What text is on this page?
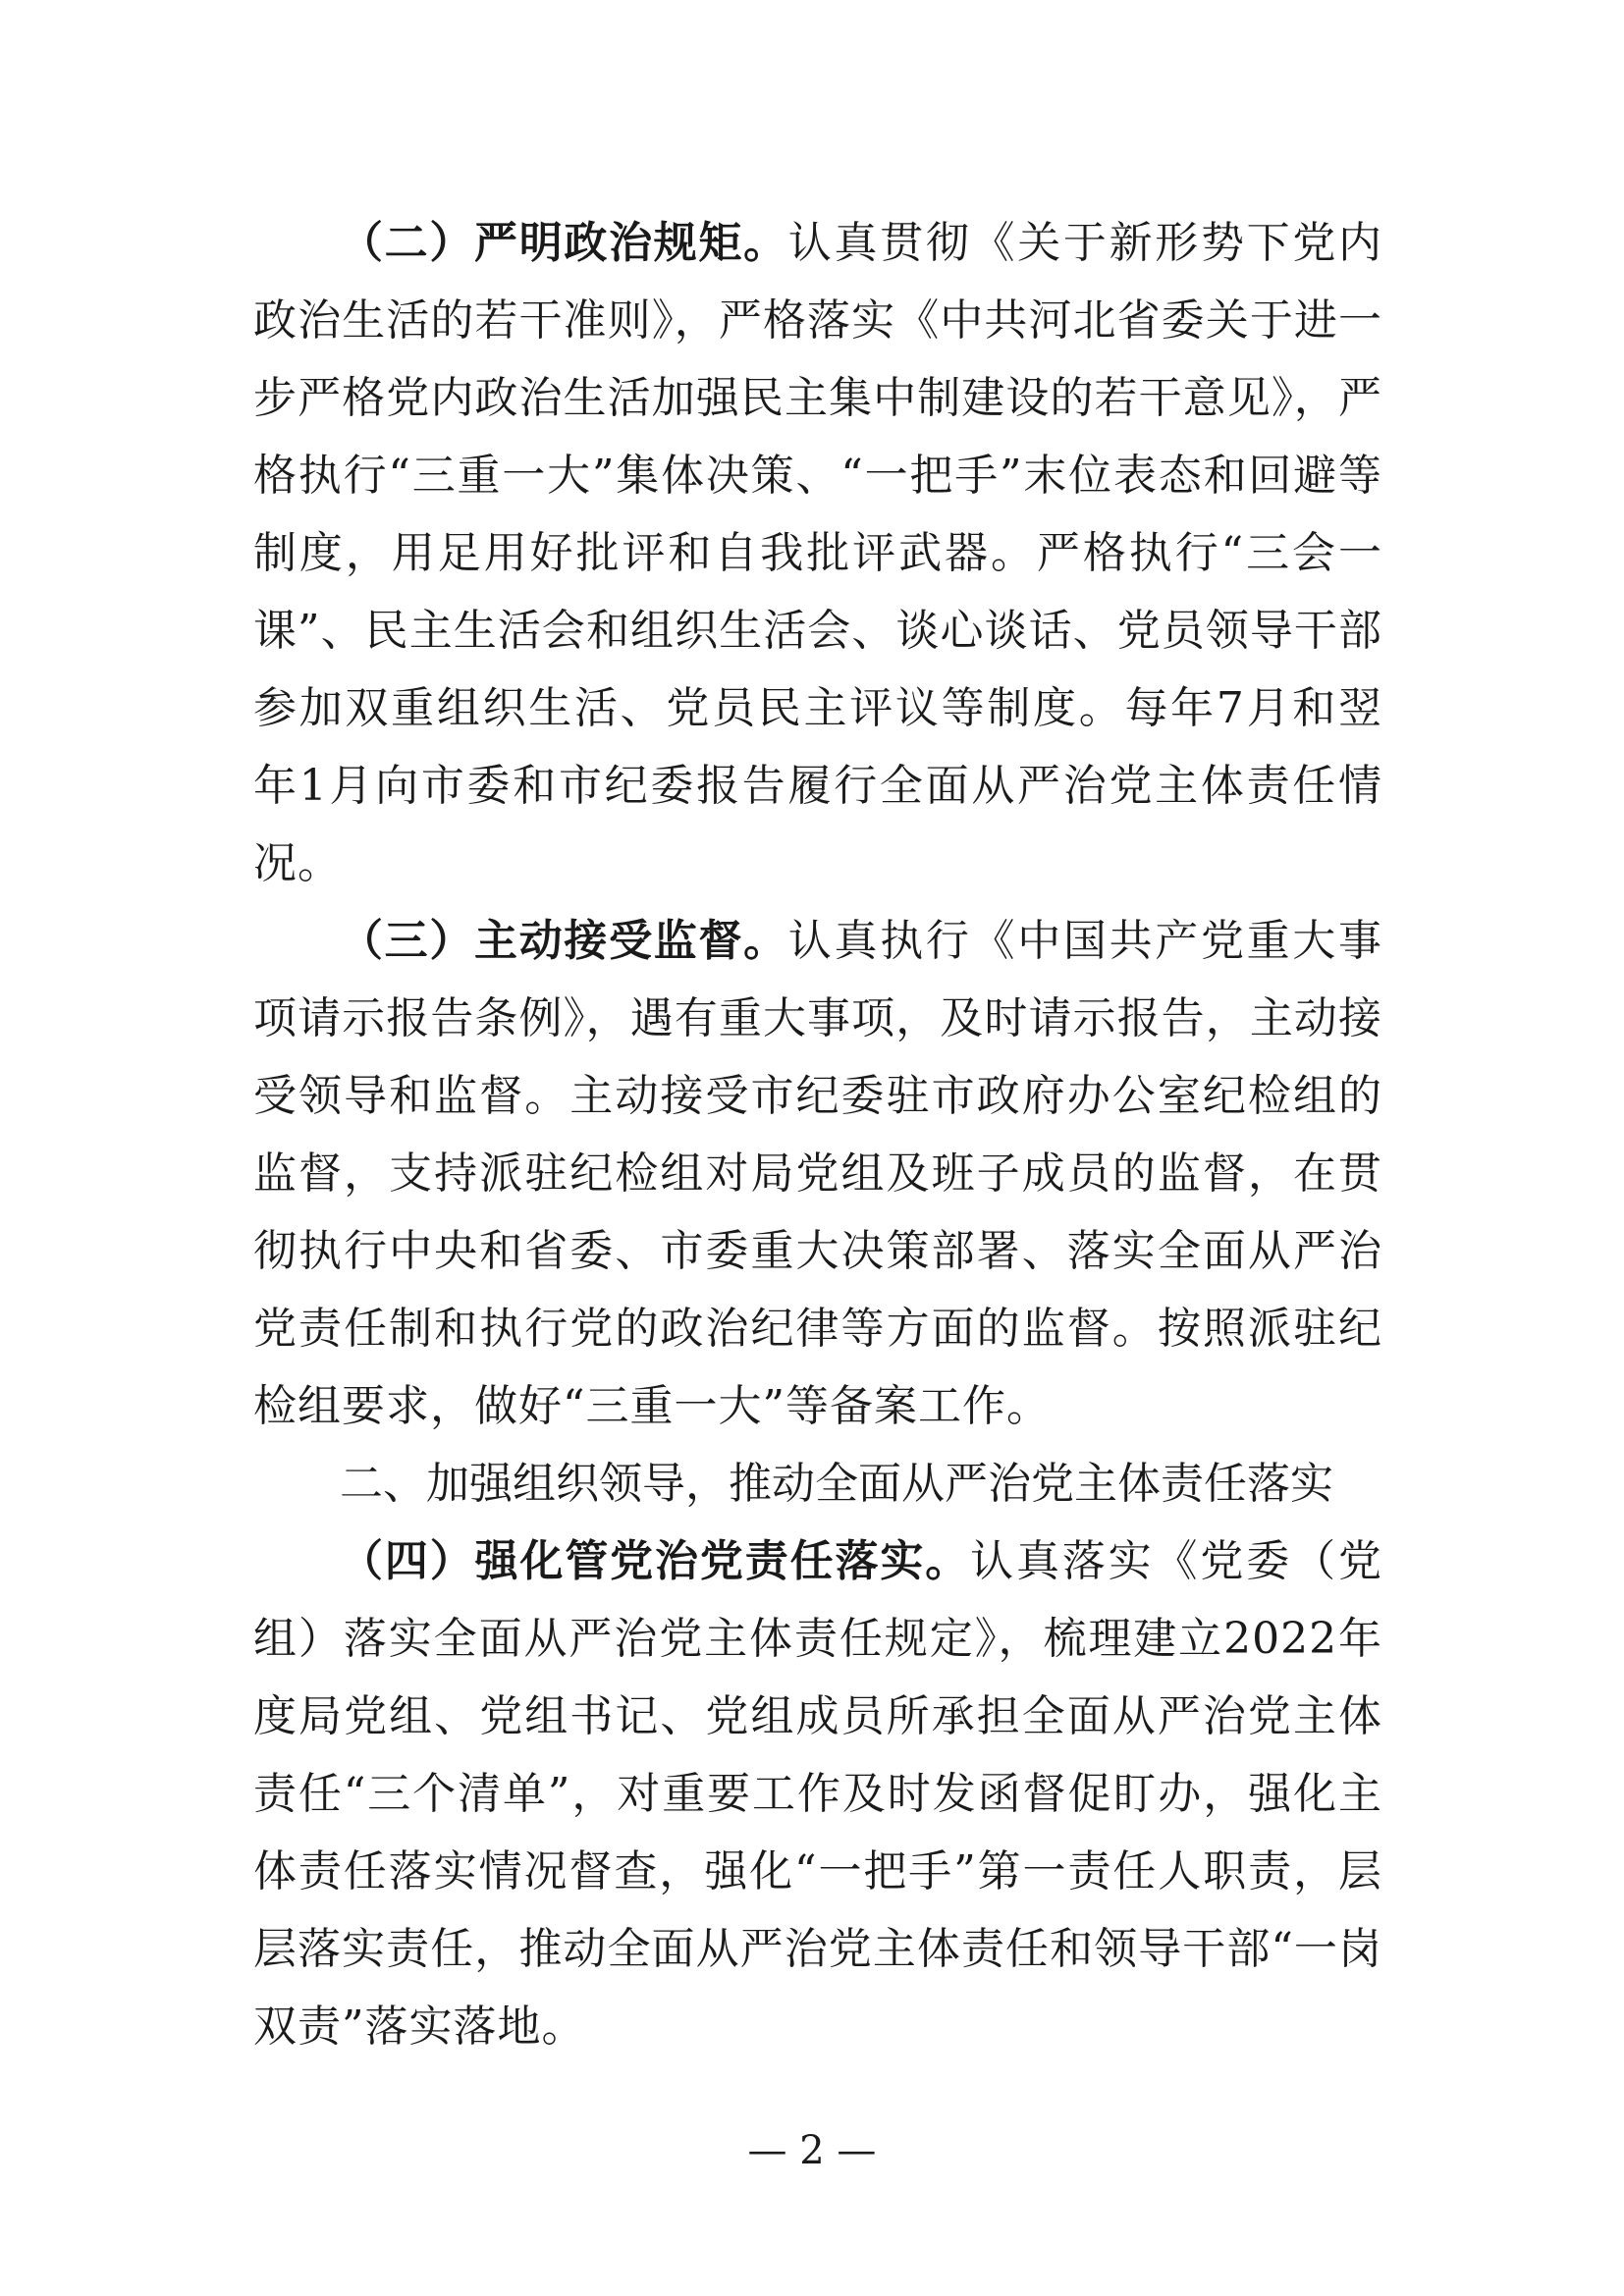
（二）严明政治规矩。认真贯彻《关于新形势下党内政治生活的若干准则》，严格落实《中共河北省委关于进一步严格党内政治生活加强民主集中制建设的若干意见》，严格执行“三重一大”集体决策、“一把手”末位表态和回避等制度，用足用好批评和自我批评武器。严格执行“三会一课”、民主生活会和组织生活会、谈心谈话、党员领导干部参加双重组织生活、党员民主评议等制度。每年7月和翌年1月向市委和市纪委报告履行全面从严治党主体责任情况。

（三）主动接受监督。认真执行《中国共产党重大事项请示报告条例》，遇有重大事项，及时请示报告，主动接受领导和监督。主动接受市纪委驻市政府办公室纪检组的监督，支持派驻纪检组对局党组及班子成员的监督，在贯彻执行中央和省委、市委重大决策部署、落实全面从严治党责任制和执行党的政治纪律等方面的监督。按照派驻纪检组要求，做好“三重一大”等备案工作。

二、加强组织领导，推动全面从严治党主体责任落实

（四）强化管党治党责任落实。认真落实《党委（党组）落实全面从严治党主体责任规定》，梳理建立2022年度局党组、党组书记、党组成员所承担全面从严治党主体责任“三个清单”，对重要工作及时发函督促盯办，强化主体责任落实情况督查，强化“一把手”第一责任人职责，层层落实责任，推动全面从严治党主体责任和领导干部“一岗双责”落实落地。

— 2 —
